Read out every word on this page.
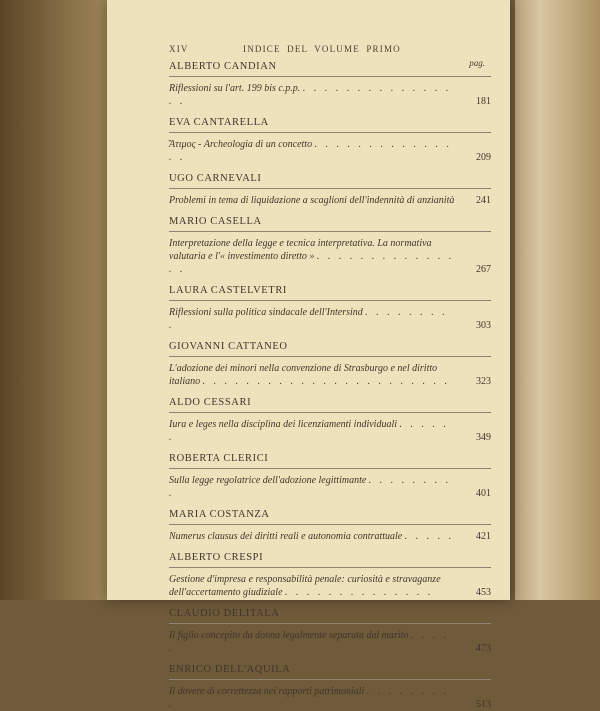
XIV	INDICE DEL VOLUME PRIMO
pag.
ALBERTO CANDIAN
Riflessioni su l'art. 199 bis c.p.p. . . . . . . . . . . . . . . . .	181
EVA CANTARELLA
Ἄτιμος - Archeologia di un concetto . . . . . . . . . . . . . . .	209
UGO CARNEVALI
Problemi in tema di liquidazione a scaglioni dell'indennità di anzianità 241
MARIO CASELLA
Interpretazione della legge e tecnica interpretativa. La normativa valutaria e l'« investimento diretto » . . . . . . . . . . . . . . .	267
LAURA CASTELVETRI
Riflessioni sulla politica sindacale dell'Intersind . . . . . . . . .	303
GIOVANNI CATTANEO
L'adozione dei minori nella convenzione di Strasburgo e nel diritto italiano . . . . . . . . . . . . . . . . . . . . . . .	323
ALDO CESSARI
Iura e leges nella disciplina dei licenziamenti individuali . . . . . .	349
ROBERTA CLERICI
Sulla legge regolatrice dell'adozione legittimante . . . . . . . . .	401
MARIA COSTANZA
Numerus clausus dei diritti reali e autonomia contrattuale . . . . . 421
ALBERTO CRESPI
Gestione d'impresa e responsabilità penale: curiosità e stravaganze dell'accertamento giudiziale . . . . . . . . . . . . . .	453
CLAUDIO DELITALA
Il figlio concepito da donna legalmente separata dal marito . . . . .	473
ENRICO DELL'AQUILA
Il dovere di correttezza nei rapporti patrimoniali . . . . . . . . .	513
